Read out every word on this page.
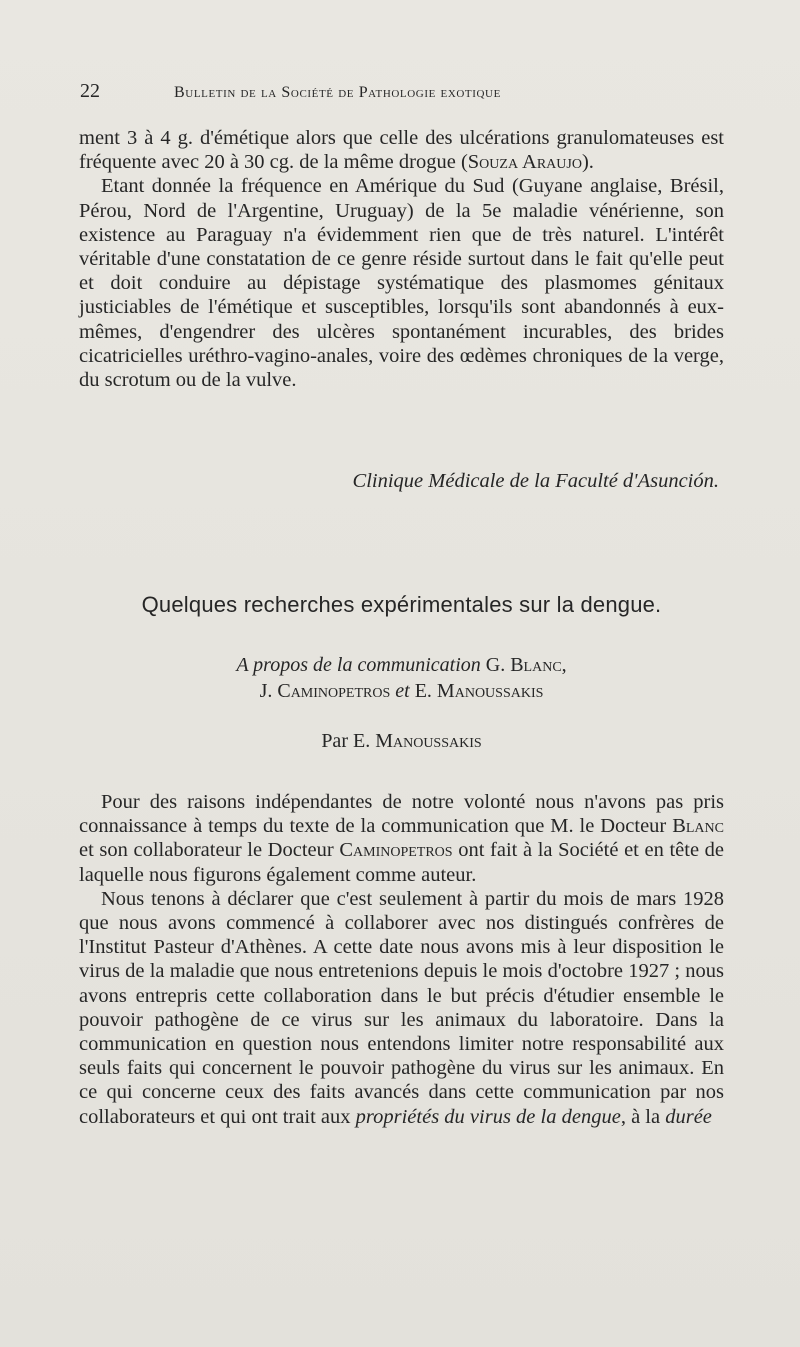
22	Bulletin de la Société de Pathologie exotique

ment 3 à 4 g. d'émétique alors que celle des ulcérations granulomateuses est fréquente avec 20 à 30 cg. de la même drogue (Souza Araujo).

Etant donnée la fréquence en Amérique du Sud (Guyane anglaise, Brésil, Pérou, Nord de l'Argentine, Uruguay) de la 5e maladie vénérienne, son existence au Paraguay n'a évidemment rien que de très naturel. L'intérêt véritable d'une constatation de ce genre réside surtout dans le fait qu'elle peut et doit conduire au dépistage systématique des plasmomes génitaux justiciables de l'émétique et susceptibles, lorsqu'ils sont abandonnés à eux-mêmes, d'engendrer des ulcères spontanément incurables, des brides cicatricielles uréthro-vagino-anales, voire des œdèmes chroniques de la verge, du scrotum ou de la vulve.

Clinique Médicale de la Faculté d'Asunción.
Quelques recherches expérimentales sur la dengue.
A propos de la communication G. Blanc,
J. Caminopetros et E. Manoussakis
Par E. Manoussakis

Pour des raisons indépendantes de notre volonté nous n'avons pas pris connaissance à temps du texte de la communication que M. le Docteur Blanc et son collaborateur le Docteur Caminopetros ont fait à la Société et en tête de laquelle nous figurons également comme auteur.

Nous tenons à déclarer que c'est seulement à partir du mois de mars 1928 que nous avons commencé à collaborer avec nos distingués confrères de l'Institut Pasteur d'Athènes. A cette date nous avons mis à leur disposition le virus de la maladie que nous entretenions depuis le mois d'octobre 1927 ; nous avons entrepris cette collaboration dans le but précis d'étudier ensemble le pouvoir pathogène de ce virus sur les animaux du laboratoire. Dans la communication en question nous entendons limiter notre responsabilité aux seuls faits qui concernent le pouvoir pathogène du virus sur les animaux. En ce qui concerne ceux des faits avancés dans cette communication par nos collaborateurs et qui ont trait aux propriétés du virus de la dengue, à la durée
